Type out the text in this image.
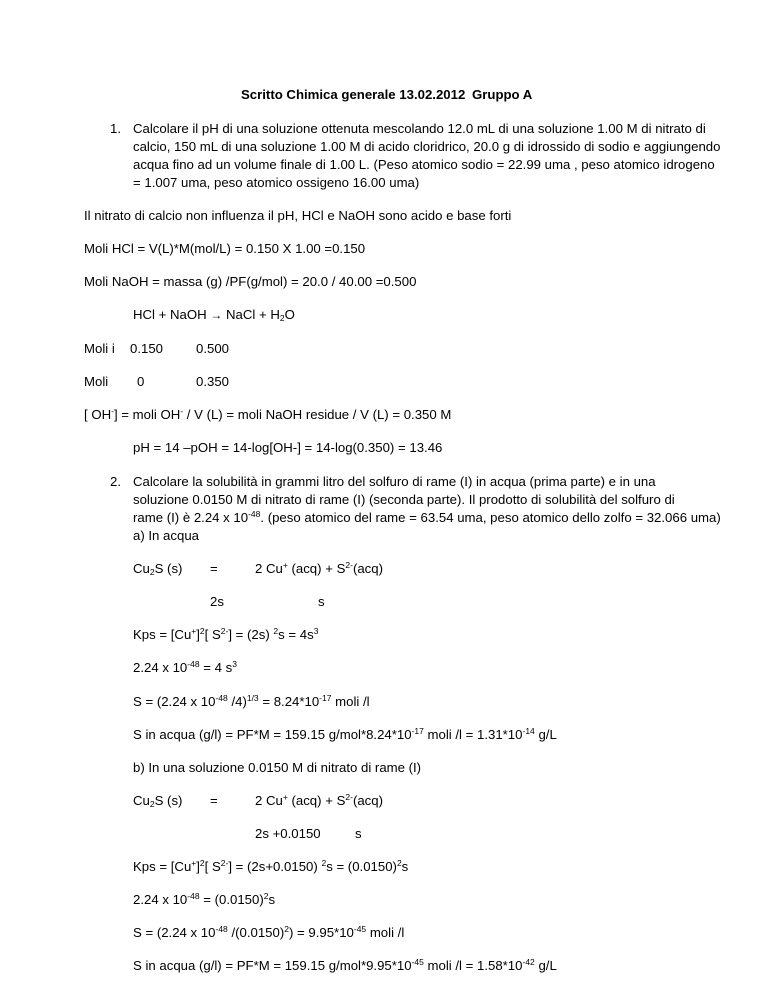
Scritto Chimica generale 13.02.2012 Gruppo A
1. Calcolare il pH di una soluzione ottenuta mescolando 12.0 mL di una soluzione 1.00 M di nitrato di
calcio, 150 mL di una soluzione 1.00 M di acido cloridrico, 20.0 g di idrossido di sodio e aggiungendo
acqua fino ad un volume finale di 1.00 L. (Peso atomico sodio = 22.99 uma , peso atomico idrogeno
= 1.007 uma, peso atomico ossigeno 16.00 uma)
Il nitrato di calcio non influenza il pH, HCl e NaOH sono acido e base forti
Moli HCl = V(L)*M(mol/L) = 0.150 X 1.00 =0.150
Moli NaOH = massa (g) /PF(g/mol) = 20.0 / 40.00 =0.500
HCl + NaOH → NaCl + $H_2O$
Moli i 0.150 0.500
Moli 0	0.350
[ OH-] = moli OH- / V (L) = moli NaOH residue / V (L) = 0.350 M
pH = 14 –pOH = 14-log[OH-] = 14-log(0.350) = 13.46
2. Calcolare la solubilità in grammi litro del solfuro di rame (I) in acqua (prima parte) e in una
soluzione 0.0150 M di nitrato di rame (I) (seconda parte). Il prodotto di solubilità del solfuro di
rame (I) è 2.24 x $10^{-48}$. (peso atomico del rame = 63.54 uma, peso atomico dello zolfo = 32.066 uma)
a) In acqua
$Cu_2S$ (s) =	2 Cu+ $(acq) + S^{2-}(acq)$
2s	s
Kps = $[Cu^+]^2$[ $S^{2-}] = (2s) ^2s = 4s^3$
2.24 x $10^{-48} = 4$ $s^3$
S = (2.24 x $10^{-48}$ $/4)^{1/3} = 8.24*10^{-17}$ moli /l
S in acqua (g/l) = PF*M = 159.15 $g/mol*8.24*10^{-17}$ moli $/l = 1.31*10^{-14}$ g/L
b) In una soluzione 0.0150 M di nitrato di rame (I)
$Cu_2S$ (s) =	2 Cu+ $(acq) + S^{2-}(acq)$
2s +0.0150	s
Kps = $[Cu^+]^2$[ $S^{2-}] = (2s+0.0150) ^2s = (0.0150)^2s$
2.24 x $10^{-48} = (0.0150)^2s$
S = (2.24 x $10^{-48}$ $/(0.0150)^2) = 9.95*10^{-45}$ moli /l
S in acqua (g/l) = PF*M = 159.15 $g/mol*9.95*10^{-45}$ moli $/l = 1.58*10^{-42}$ g/L
